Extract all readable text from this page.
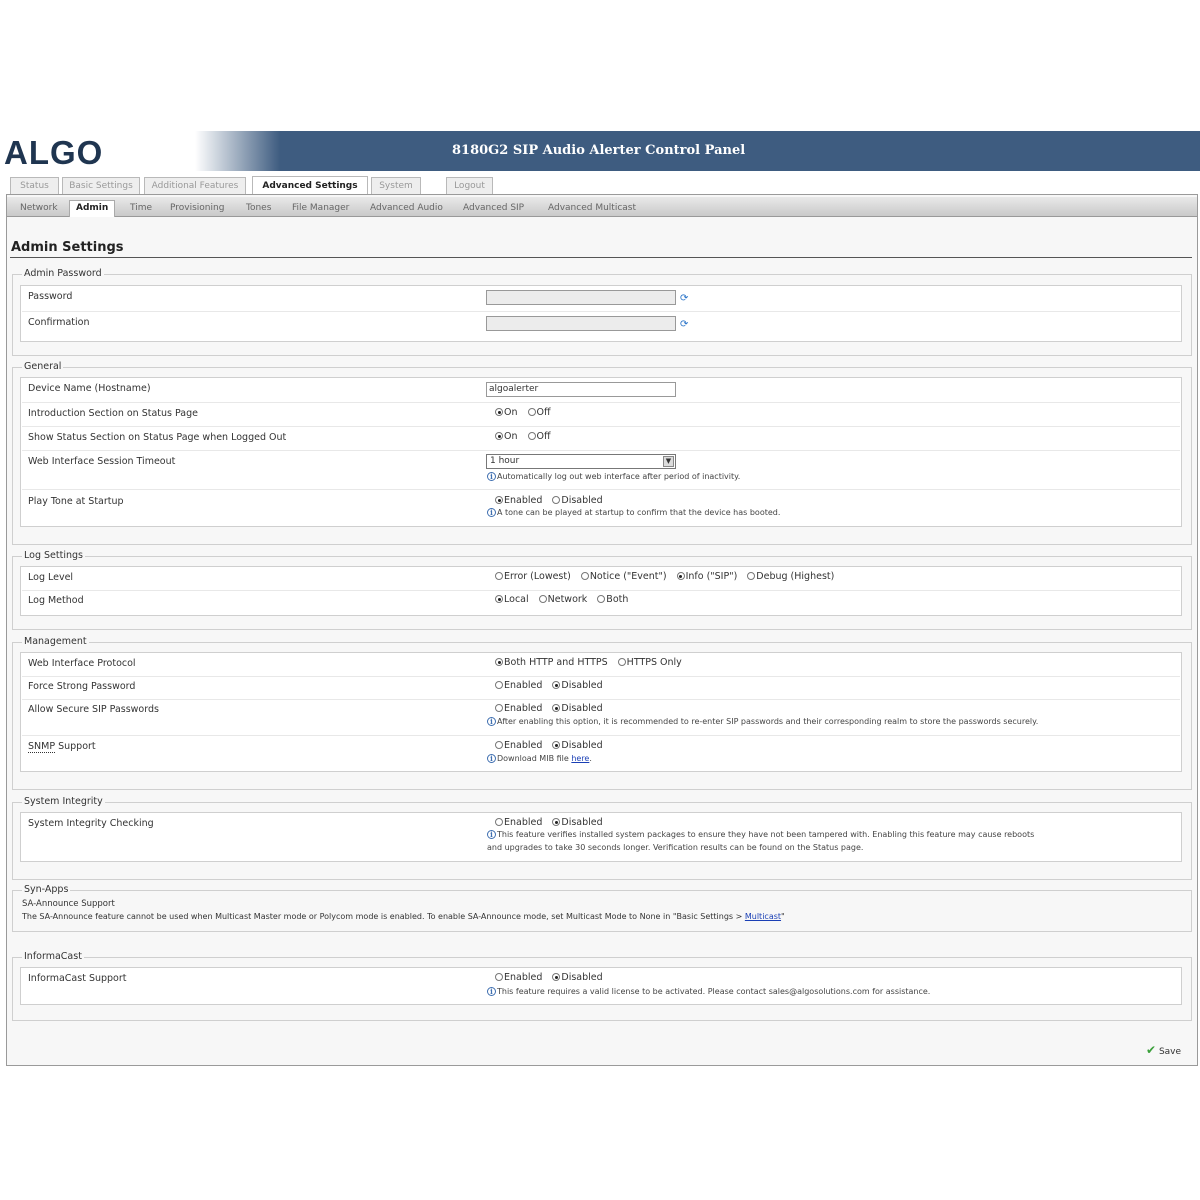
ALGO	8180G2 SIP Audio Alerter Control Panel
Status	Basic Settings	Additional Features	Advanced Settings	System	Logout
Network	Admin	Time Provisioning Tones File Manager Advanced Audio Advanced SIP	Advanced Multicast
Admin Settings
Admin Password
Password	⟳
Confirmation	⟳
General
Device Name (Hostname)	algoalerter
Introduction Section on Status Page	On Off
Show Status Section on Status Page when Logged Out	On Off
Web Interface Session Timeout	1 hour	▼
i Automatically log out web interface after period of inactivity.
Play Tone at Startup	Enabled Disabled
i A tone can be played at startup to confirm that the device has booted.
Log Settings
Log Level	Error (Lowest) Notice ("Event") Info ("SIP") Debug (Highest)
Log Method	Local Network Both
Management
Web Interface Protocol	Both HTTP and HTTPS HTTPS Only
Force Strong Password	Enabled Disabled
Allow Secure SIP Passwords	Enabled Disabled
i After enabling this option, it is recommended to re-enter SIP passwords and their corresponding realm to store the passwords securely.
SNMP Support	Enabled Disabled
i Download MIB file here.
System Integrity
System Integrity Checking	Enabled Disabled
i This feature verifies installed system packages to ensure they have not been tampered with. Enabling this feature may cause reboots
and upgrades to take 30 seconds longer. Verification results can be found on the Status page.
Syn-Apps
SA-Announce Support
The SA-Announce feature cannot be used when Multicast Master mode or Polycom mode is enabled. To enable SA-Announce mode, set Multicast Mode to None in "Basic Settings > Multicast"
InformaCast
InformaCast Support	Enabled Disabled
i This feature requires a valid license to be activated. Please contact sales@algosolutions.com for assistance.
✔ Save
